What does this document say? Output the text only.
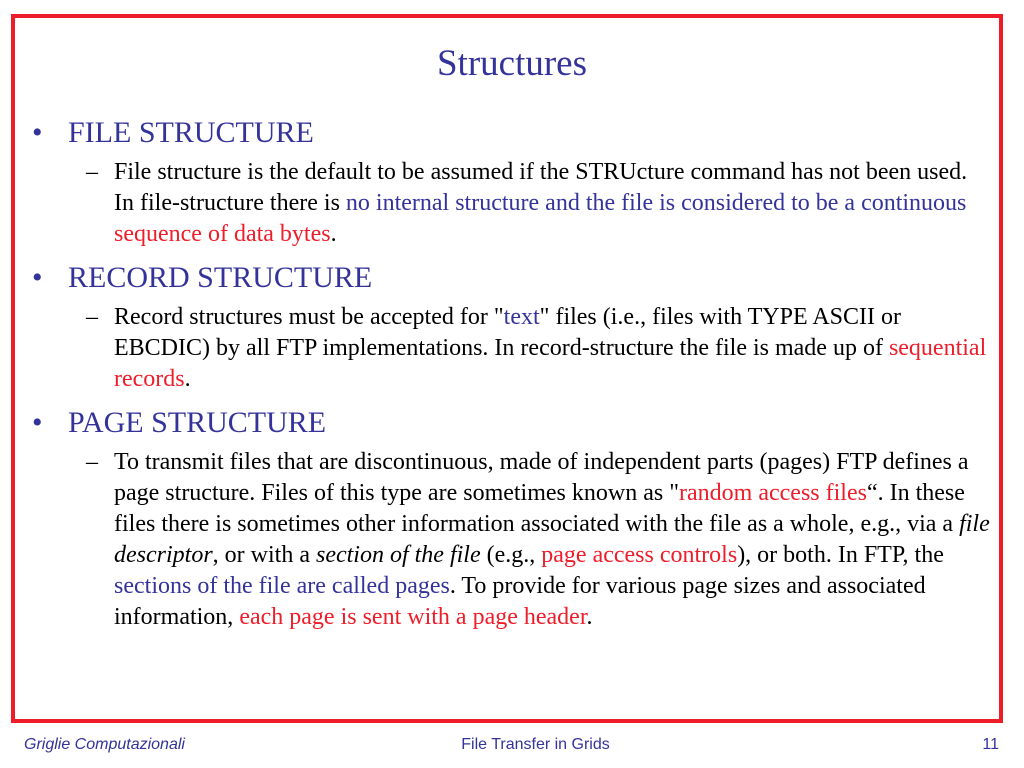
Structures
• FILE STRUCTURE
– File structure is the default to be assumed if the STRUcture command has not been used. In file-structure there is no internal structure and the file is considered to be a continuous sequence of data bytes.
• RECORD STRUCTURE
– Record structures must be accepted for "text" files (i.e., files with TYPE ASCII or EBCDIC) by all FTP implementations. In record-structure the file is made up of sequential records.
• PAGE STRUCTURE
– To transmit files that are discontinuous, made of independent parts (pages) FTP defines a page structure. Files of this type are sometimes known as "random access files“. In these files there is sometimes other information associated with the file as a whole, e.g., via a file descriptor, or with a section of the file (e.g., page access controls), or both. In FTP, the sections of the file are called pages. To provide for various page sizes and associated information, each page is sent with a page header.
Griglie Computazionali	File Transfer in Grids	11
